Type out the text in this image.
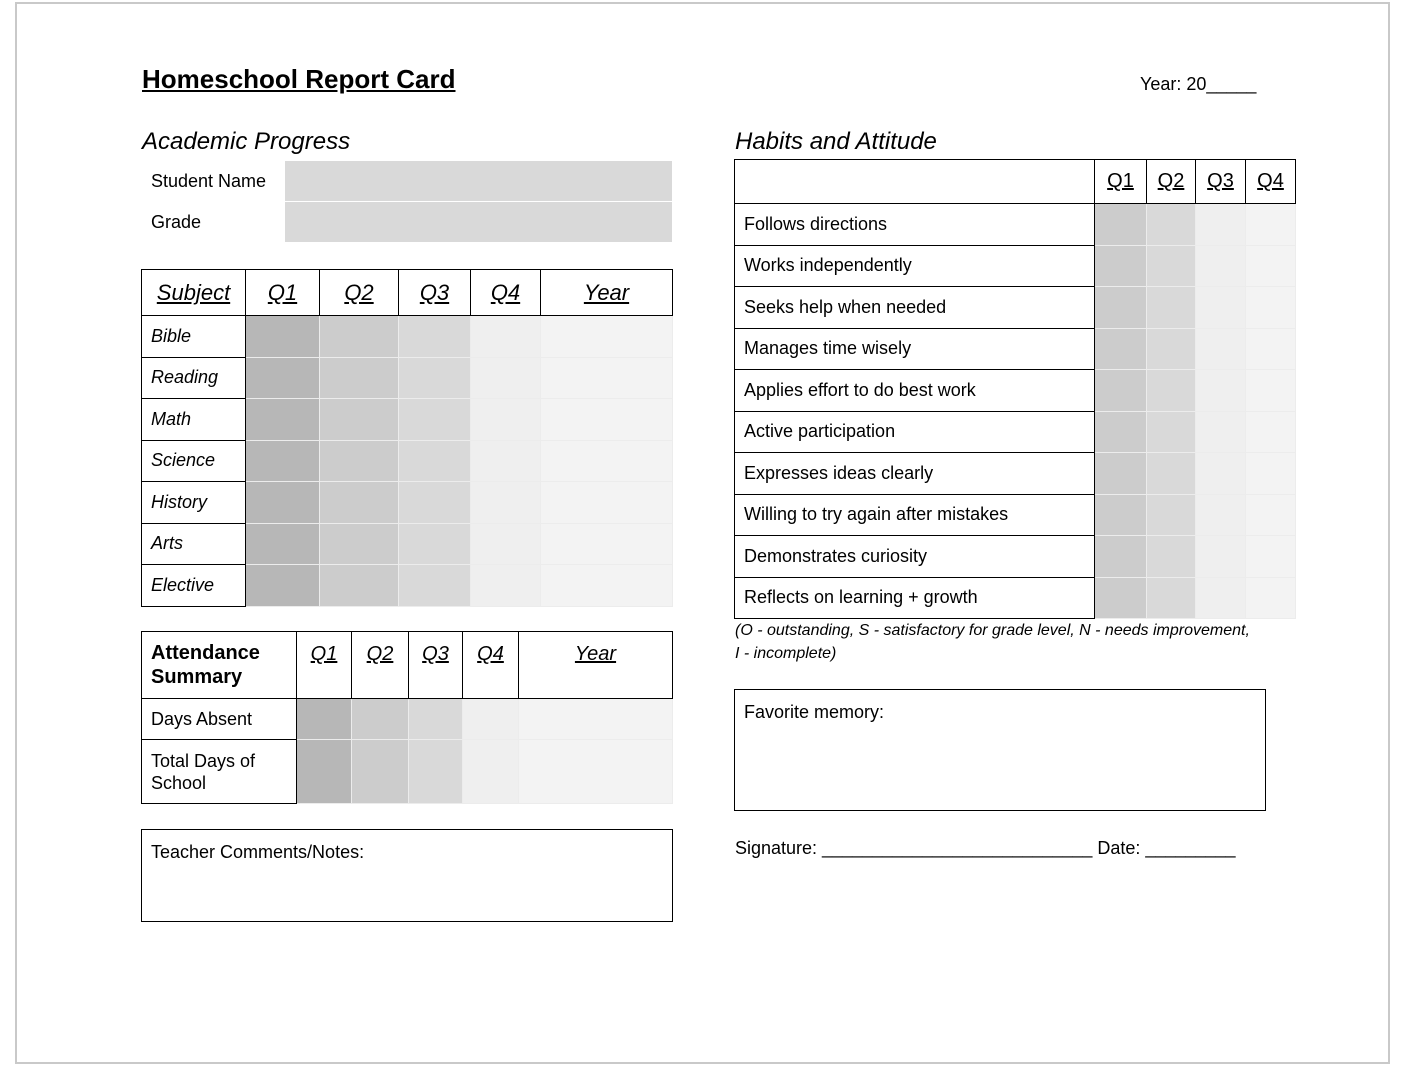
Homeschool Report Card	Year: 20_____
Academic Progress
Student Name
Grade
Subject	Q1	Q2	Q3	Q4	Year
Bible					
Reading					
Math					
Science					
History					
Arts					
Elective					
Attendance
Summary	Q1	Q2	Q3	Q4	Year
Days Absent					
Total Days of School					
Teacher Comments/Notes:
Habits and Attitude
	Q1	Q2	Q3	Q4
Follows directions				
Works independently				
Seeks help when needed				
Manages time wisely				
Applies effort to do best work				
Active participation				
Expresses ideas clearly				
Willing to try again after mistakes				
Demonstrates curiosity				
Reflects on learning + growth				
(O - outstanding, S - satisfactory for grade level, N - needs improvement, I - incomplete)
Favorite memory:
Signature: ___________________________ Date: _________
